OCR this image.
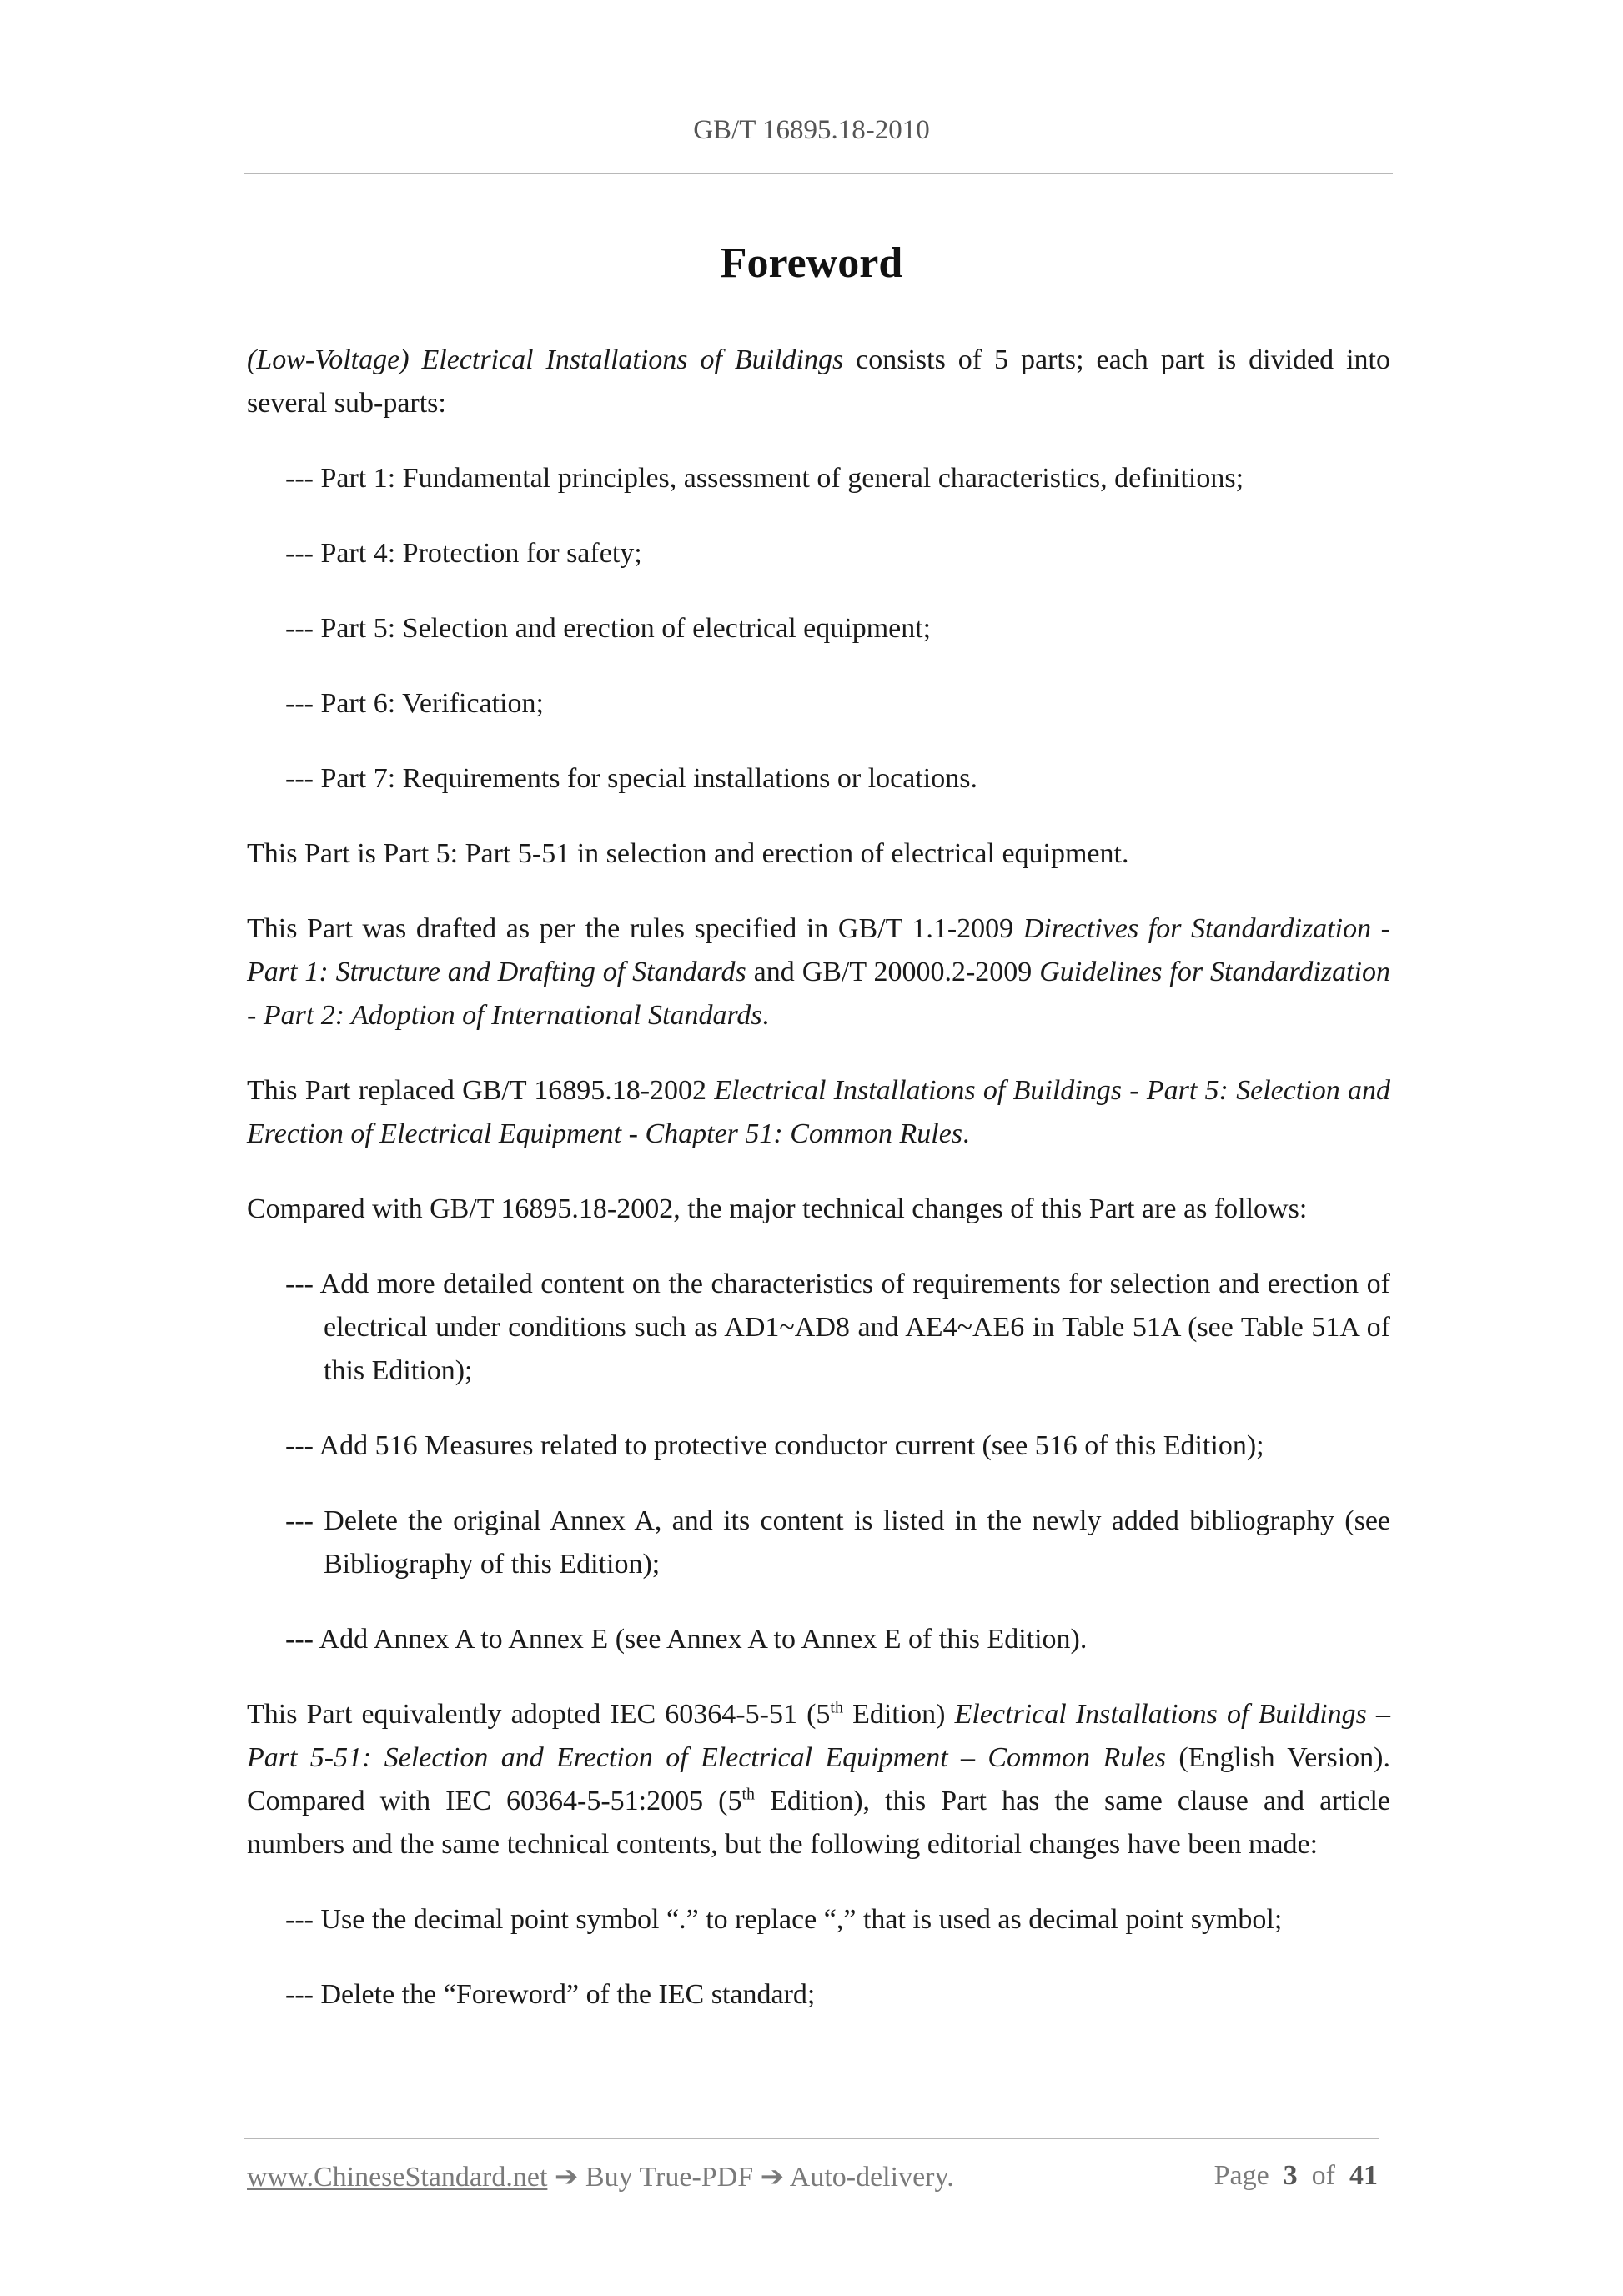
GB/T 16895.18-2010
Foreword

(Low-Voltage) Electrical Installations of Buildings consists of 5 parts; each part is divided into several sub-parts:

--- Part 1: Fundamental principles, assessment of general characteristics, definitions;

--- Part 4: Protection for safety;

--- Part 5: Selection and erection of electrical equipment;

--- Part 6: Verification;

--- Part 7: Requirements for special installations or locations.

This Part is Part 5: Part 5-51 in selection and erection of electrical equipment.

This Part was drafted as per the rules specified in GB/T 1.1-2009 Directives for Standardization - Part 1: Structure and Drafting of Standards and GB/T 20000.2-2009 Guidelines for Standardization - Part 2: Adoption of International Standards.

This Part replaced GB/T 16895.18-2002 Electrical Installations of Buildings - Part 5: Selection and Erection of Electrical Equipment - Chapter 51: Common Rules.

Compared with GB/T 16895.18-2002, the major technical changes of this Part are as follows:

--- Add more detailed content on the characteristics of requirements for selection and erection of electrical under conditions such as AD1~AD8 and AE4~AE6 in Table 51A (see Table 51A of this Edition);

--- Add 516 Measures related to protective conductor current (see 516 of this Edition);

--- Delete the original Annex A, and its content is listed in the newly added bibliography (see Bibliography of this Edition);

--- Add Annex A to Annex E (see Annex A to Annex E of this Edition).

This Part equivalently adopted IEC 60364-5-51 (5th Edition) Electrical Installations of Buildings – Part 5-51: Selection and Erection of Electrical Equipment – Common Rules (English Version). Compared with IEC 60364-5-51:2005 (5th Edition), this Part has the same clause and article numbers and the same technical contents, but the following editorial changes have been made:

--- Use the decimal point symbol “.” to replace “,” that is used as decimal point symbol;

--- Delete the “Foreword” of the IEC standard;

www.ChineseStandard.net ➔ Buy True-PDF ➔ Auto-delivery.	Page 3 of 41
